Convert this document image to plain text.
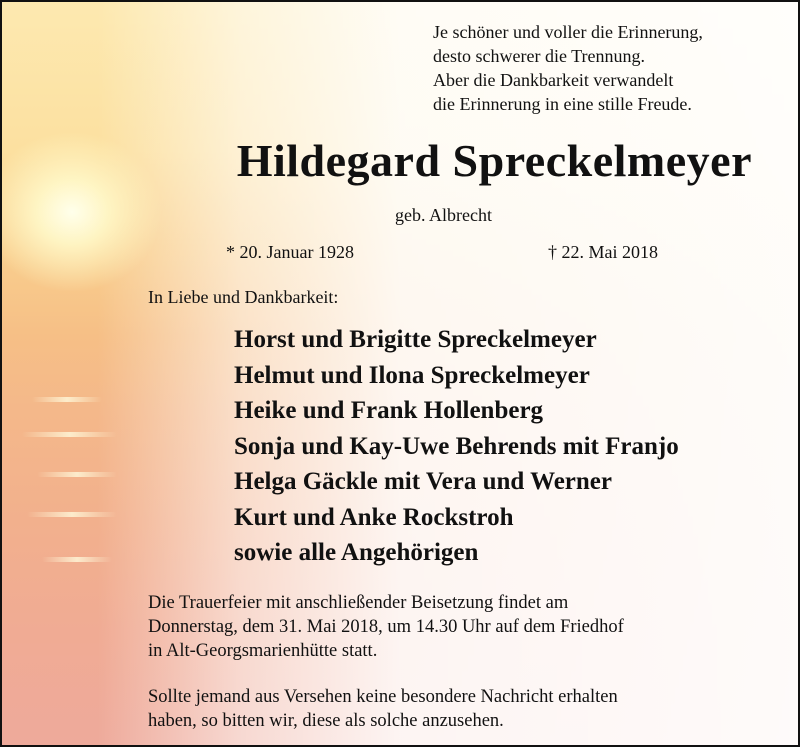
Je schöner und voller die Erinnerung,
desto schwerer die Trennung.
Aber die Dankbarkeit verwandelt
die Erinnerung in eine stille Freude.
Hildegard Spreckelmeyer
geb. Albrecht
* 20. Januar 1928	† 22. Mai 2018
In Liebe und Dankbarkeit:
Horst und Brigitte Spreckelmeyer
Helmut und Ilona Spreckelmeyer
Heike und Frank Hollenberg
Sonja und Kay-Uwe Behrends mit Franjo
Helga Gäckle mit Vera und Werner
Kurt und Anke Rockstroh
sowie alle Angehörigen
Die Trauerfeier mit anschließender Beisetzung findet am
Donnerstag, dem 31. Mai 2018, um 14.30 Uhr auf dem Friedhof
in Alt-Georgsmarienhütte statt.
Sollte jemand aus Versehen keine besondere Nachricht erhalten
haben, so bitten wir, diese als solche anzusehen.
